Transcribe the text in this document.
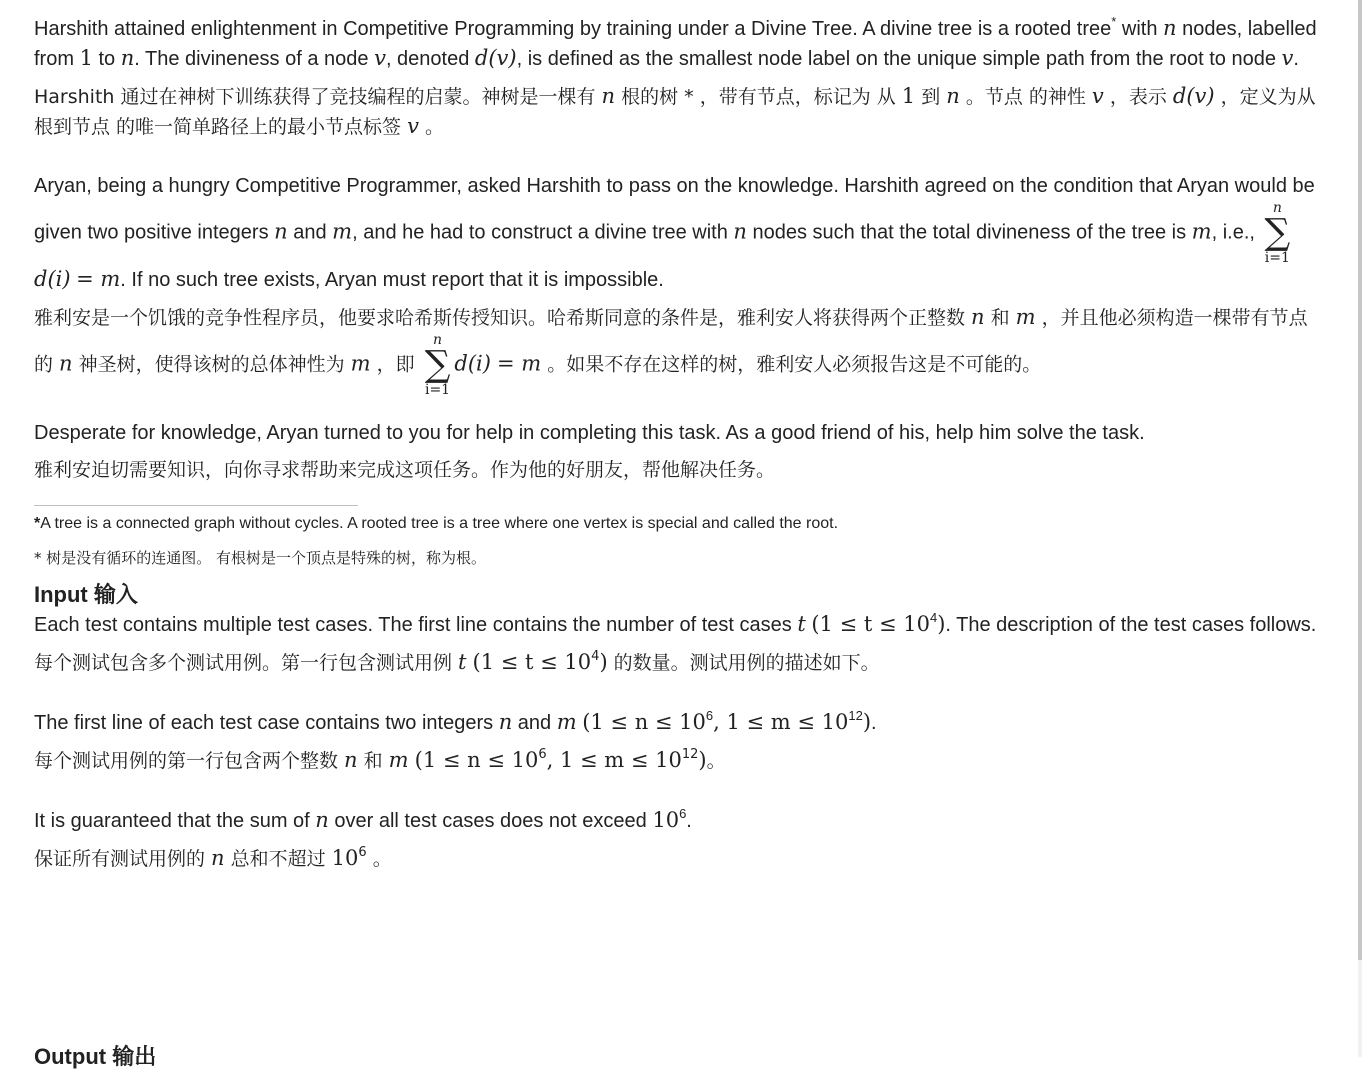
Harshith attained enlightenment in Competitive Programming by training under a Divine Tree. A divine tree is a rooted tree* with n nodes, labelled from 1 to n. The divineness of a node v, denoted d(v), is defined as the smallest node label on the unique simple path from the root to node v.

Harshith 通过在神树下训练获得了竞技编程的启蒙。神树是一棵有 n 根的树 * ，带有节点，标记为 从 1 到 n 。节点 的神性 v ，表示 d(v) ，定义为从根到节点 的唯一简单路径上的最小节点标签 v 。

Aryan, being a hungry Competitive Programmer, asked Harshith to pass on the knowledge. Harshith agreed on the condition that Aryan would be given two positive integers n and m, and he had to construct a divine tree with n nodes such that the total divineness of the tree is m, i.e.,
n
∑
i=1
d(i) = m. If no such tree exists, Aryan must report that it is impossible.

雅利安是一个饥饿的竞争性程序员，他要求哈希斯传授知识。哈希斯同意的条件是，雅利安人将获得两个正整数 n 和 m ，并且他必须构造一棵带有节点的 n 神圣树，使得该树的总体神性为 m ，即
n
∑
i=1
d(i) = m 。如果不存在这样的树，雅利安人必须报告这是不可能的。

Desperate for knowledge, Aryan turned to you for help in completing this task. As a good friend of his, help him solve the task.

雅利安迫切需要知识，向你寻求帮助来完成这项任务。作为他的好朋友，帮他解决任务。

*A tree is a connected graph without cycles. A rooted tree is a tree where one vertex is special and called the root.

* 树是没有循环的连通图。 有根树是一个顶点是特殊的树，称为根。

Input 输入

Each test contains multiple test cases. The first line contains the number of test cases t $(1 \le t \le 10^4)$. The description of the test cases follows.

每个测试包含多个测试用例。第一行包含测试用例 t $(1 \le t \le 10^4)$ 的数量。测试用例的描述如下。

The first line of each test case contains two integers n and m ($1 \le n \le 10^6$, $1 \le m \le 10^{12}$).

每个测试用例的第一行包含两个整数 n 和 m ($1 \le n \le 10^6$, $1 \le m \le 10^{12}$)。

It is guaranteed that the sum of n over all test cases does not exceed $10^6$.

保证所有测试用例的 n 总和不超过 $10^6$ 。

Output 输出
